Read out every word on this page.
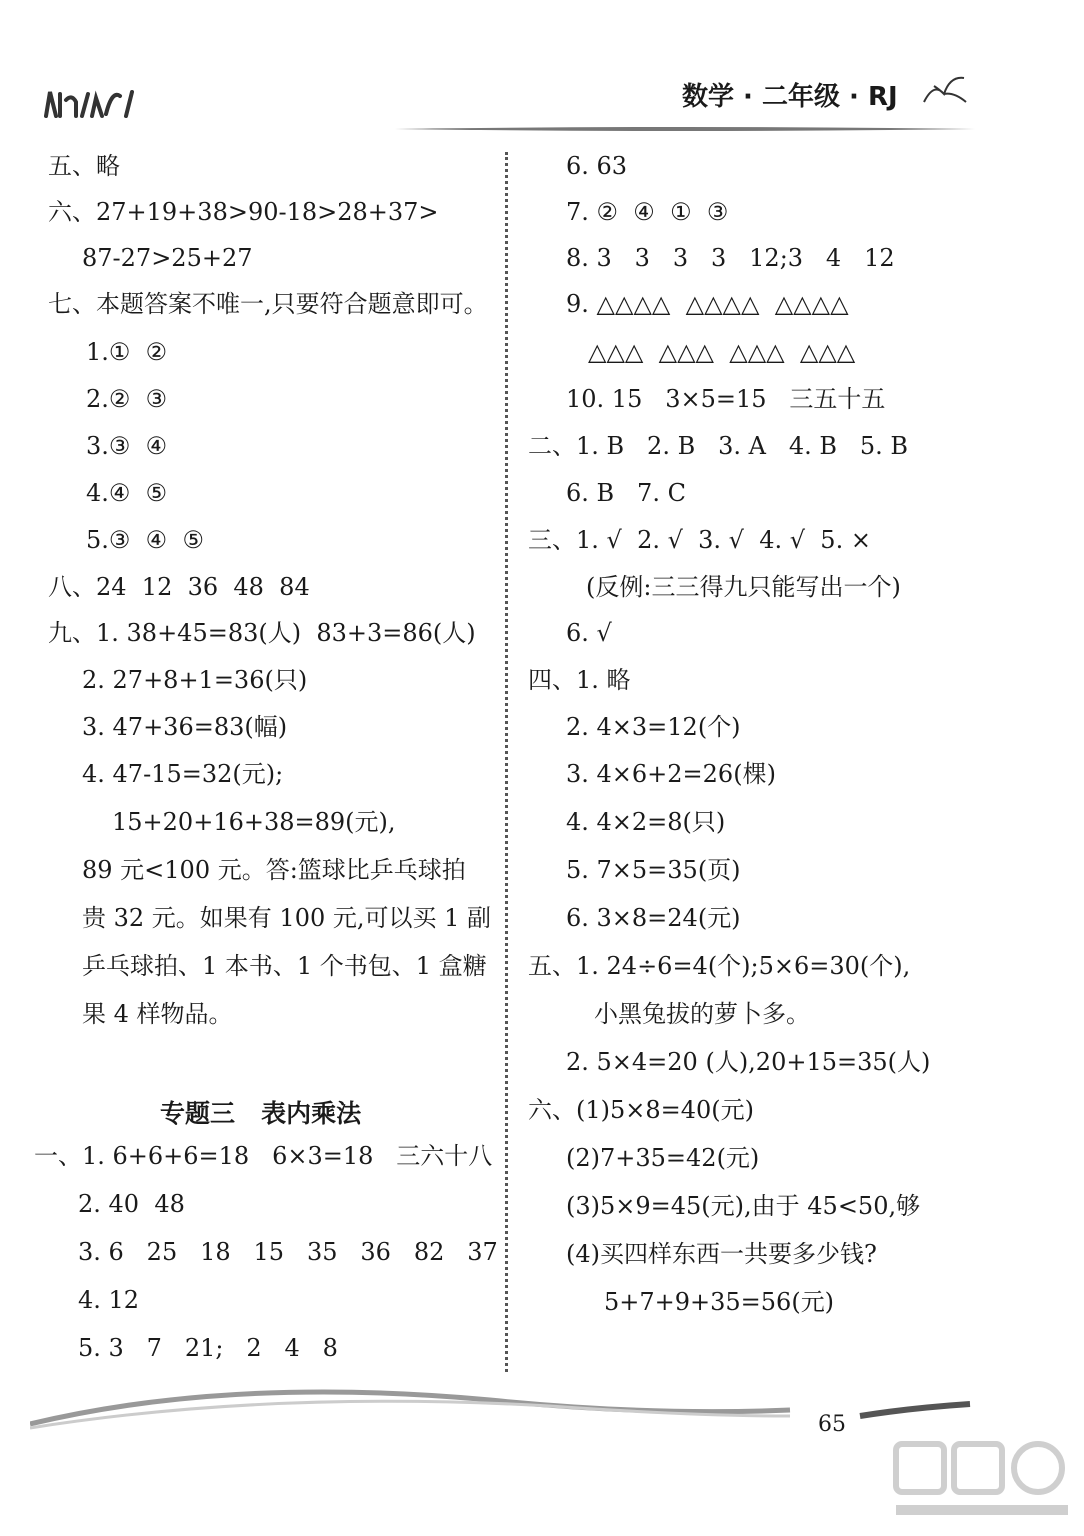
数学 · 二年级 · RJ
五、略
六、27+19+38>90-18>28+37>
87-27>25+27
七、本题答案不唯一,只要符合题意即可。
1.①  ②
2.②  ③
3.③  ④
4.④  ⑤
5.③  ④  ⑤
八、24  12  36  48  84
九、1. 38+45=83(人)  83+3=86(人)
2. 27+8+1=36(只)
3. 47+36=83(幅)
4. 47-15=32(元);
15+20+16+38=89(元),
89 元<100 元。答:篮球比乒乓球拍
贵 32 元。如果有 100 元,可以买 1 副
乒乓球拍、1 本书、1 个书包、1 盒糖
果 4 样物品。
专题三   表内乘法
一、1. 6+6+6=18   6×3=18   三六十八
2. 40  48
3. 6   25   18   15   35   36   82   37
4. 12
5. 3   7   21;   2   4   8
6. 63
7. ②  ④  ①  ③
8. 3   3   3   3   12;3   4   12
9. △△△△  △△△△  △△△△
△△△  △△△  △△△  △△△
10. 15   3×5=15   三五十五
二、1. B   2. B   3. A   4. B   5. B
6. B   7. C
三、1. √  2. √  3. √  4. √  5. ×
(反例:三三得九只能写出一个)
6. √
四、1. 略
2. 4×3=12(个)
3. 4×6+2=26(棵)
4. 4×2=8(只)
5. 7×5=35(页)
6. 3×8=24(元)
五、1. 24÷6=4(个);5×6=30(个),
小黑兔拔的萝卜多。
2. 5×4=20 (人),20+15=35(人)
六、(1)5×8=40(元)
(2)7+35=42(元)
(3)5×9=45(元),由于 45<50,够
(4)买四样东西一共要多少钱?
5+7+9+35=56(元)
65
